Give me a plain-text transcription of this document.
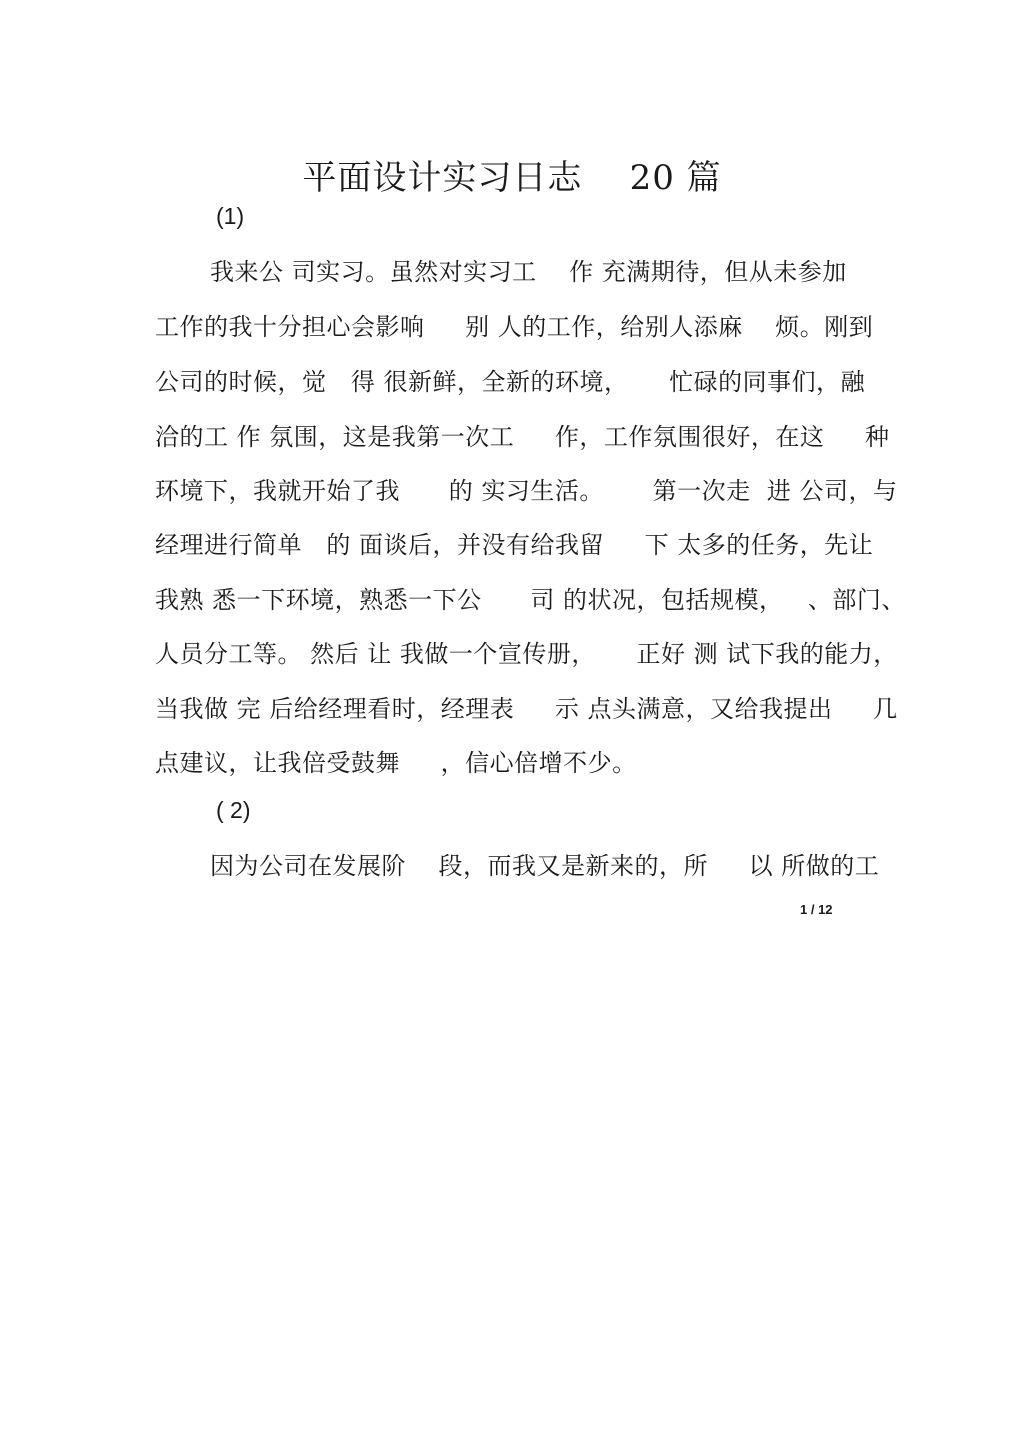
平面设计实习日志    20 篇
(1)
我来公 司实习。虽然对实习工    作 充满期待，但从未参加
工作的我十分担心会影响     别 人的工作，给别人添麻    烦。刚到
公司的时候，觉   得 很新鲜，全新的环境，     忙碌的同事们，融
洽的工 作 氛围，这是我第一次工     作，工作氛围很好，在这     种
环境下，我就开始了我      的 实习生活。      第一次走  进 公司，与
经理进行简单   的 面谈后，并没有给我留     下 太多的任务，先让
我熟 悉一下环境，熟悉一下公      司 的状况，包括规模，   、部门、
人员分工等。 然后 让 我做一个宣传册，     正好 测 试下我的能力，
当我做 完 后给经理看时，经理表     示 点头满意，又给我提出     几
点建议，让我倍受鼓舞     ，信心倍增不少。
( 2)
因为公司在发展阶    段，而我又是新来的，所     以 所做的工
1 / 12
